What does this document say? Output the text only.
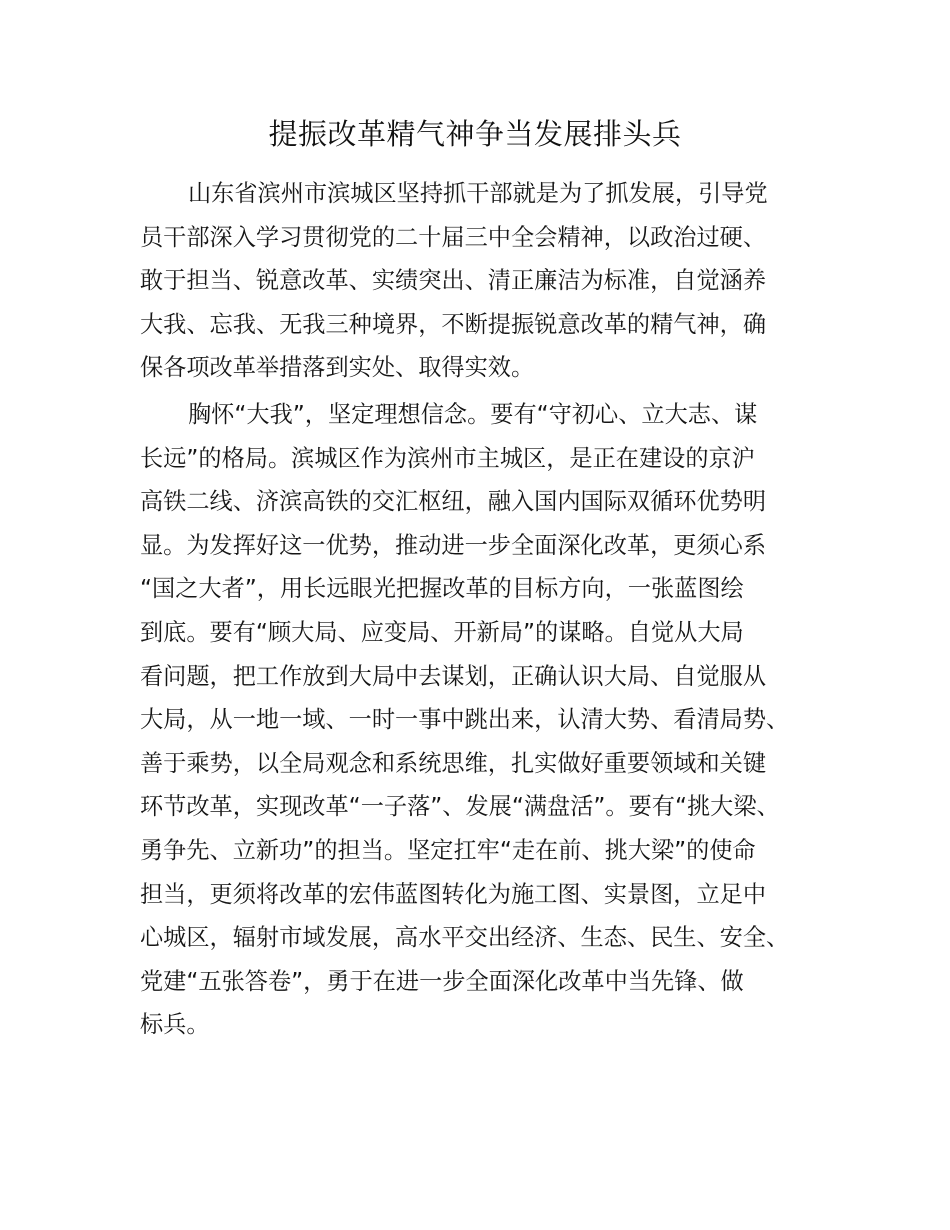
提振改革精气神争当发展排头兵
山东省滨州市滨城区坚持抓干部就是为了抓发展，引导党
员干部深入学习贯彻党的二十届三中全会精神，以政治过硬、
敢于担当、锐意改革、实绩突出、清正廉洁为标准，自觉涵养
大我、忘我、无我三种境界，不断提振锐意改革的精气神，确
保各项改革举措落到实处、取得实效。
胸怀“大我”，坚定理想信念。要有“守初心、立大志、谋
长远”的格局。滨城区作为滨州市主城区，是正在建设的京沪
高铁二线、济滨高铁的交汇枢纽，融入国内国际双循环优势明
显。为发挥好这一优势，推动进一步全面深化改革，更须心系
“国之大者”，用长远眼光把握改革的目标方向，一张蓝图绘
到底。要有“顾大局、应变局、开新局”的谋略。自觉从大局
看问题，把工作放到大局中去谋划，正确认识大局、自觉服从
大局，从一地一域、一时一事中跳出来，认清大势、看清局势、
善于乘势，以全局观念和系统思维，扎实做好重要领域和关键
环节改革，实现改革“一子落”、发展“满盘活”。要有“挑大梁、
勇争先、立新功”的担当。坚定扛牢“走在前、挑大梁”的使命
担当，更须将改革的宏伟蓝图转化为施工图、实景图，立足中
心城区，辐射市域发展，高水平交出经济、生态、民生、安全、
党建“五张答卷”，勇于在进一步全面深化改革中当先锋、做
标兵。
